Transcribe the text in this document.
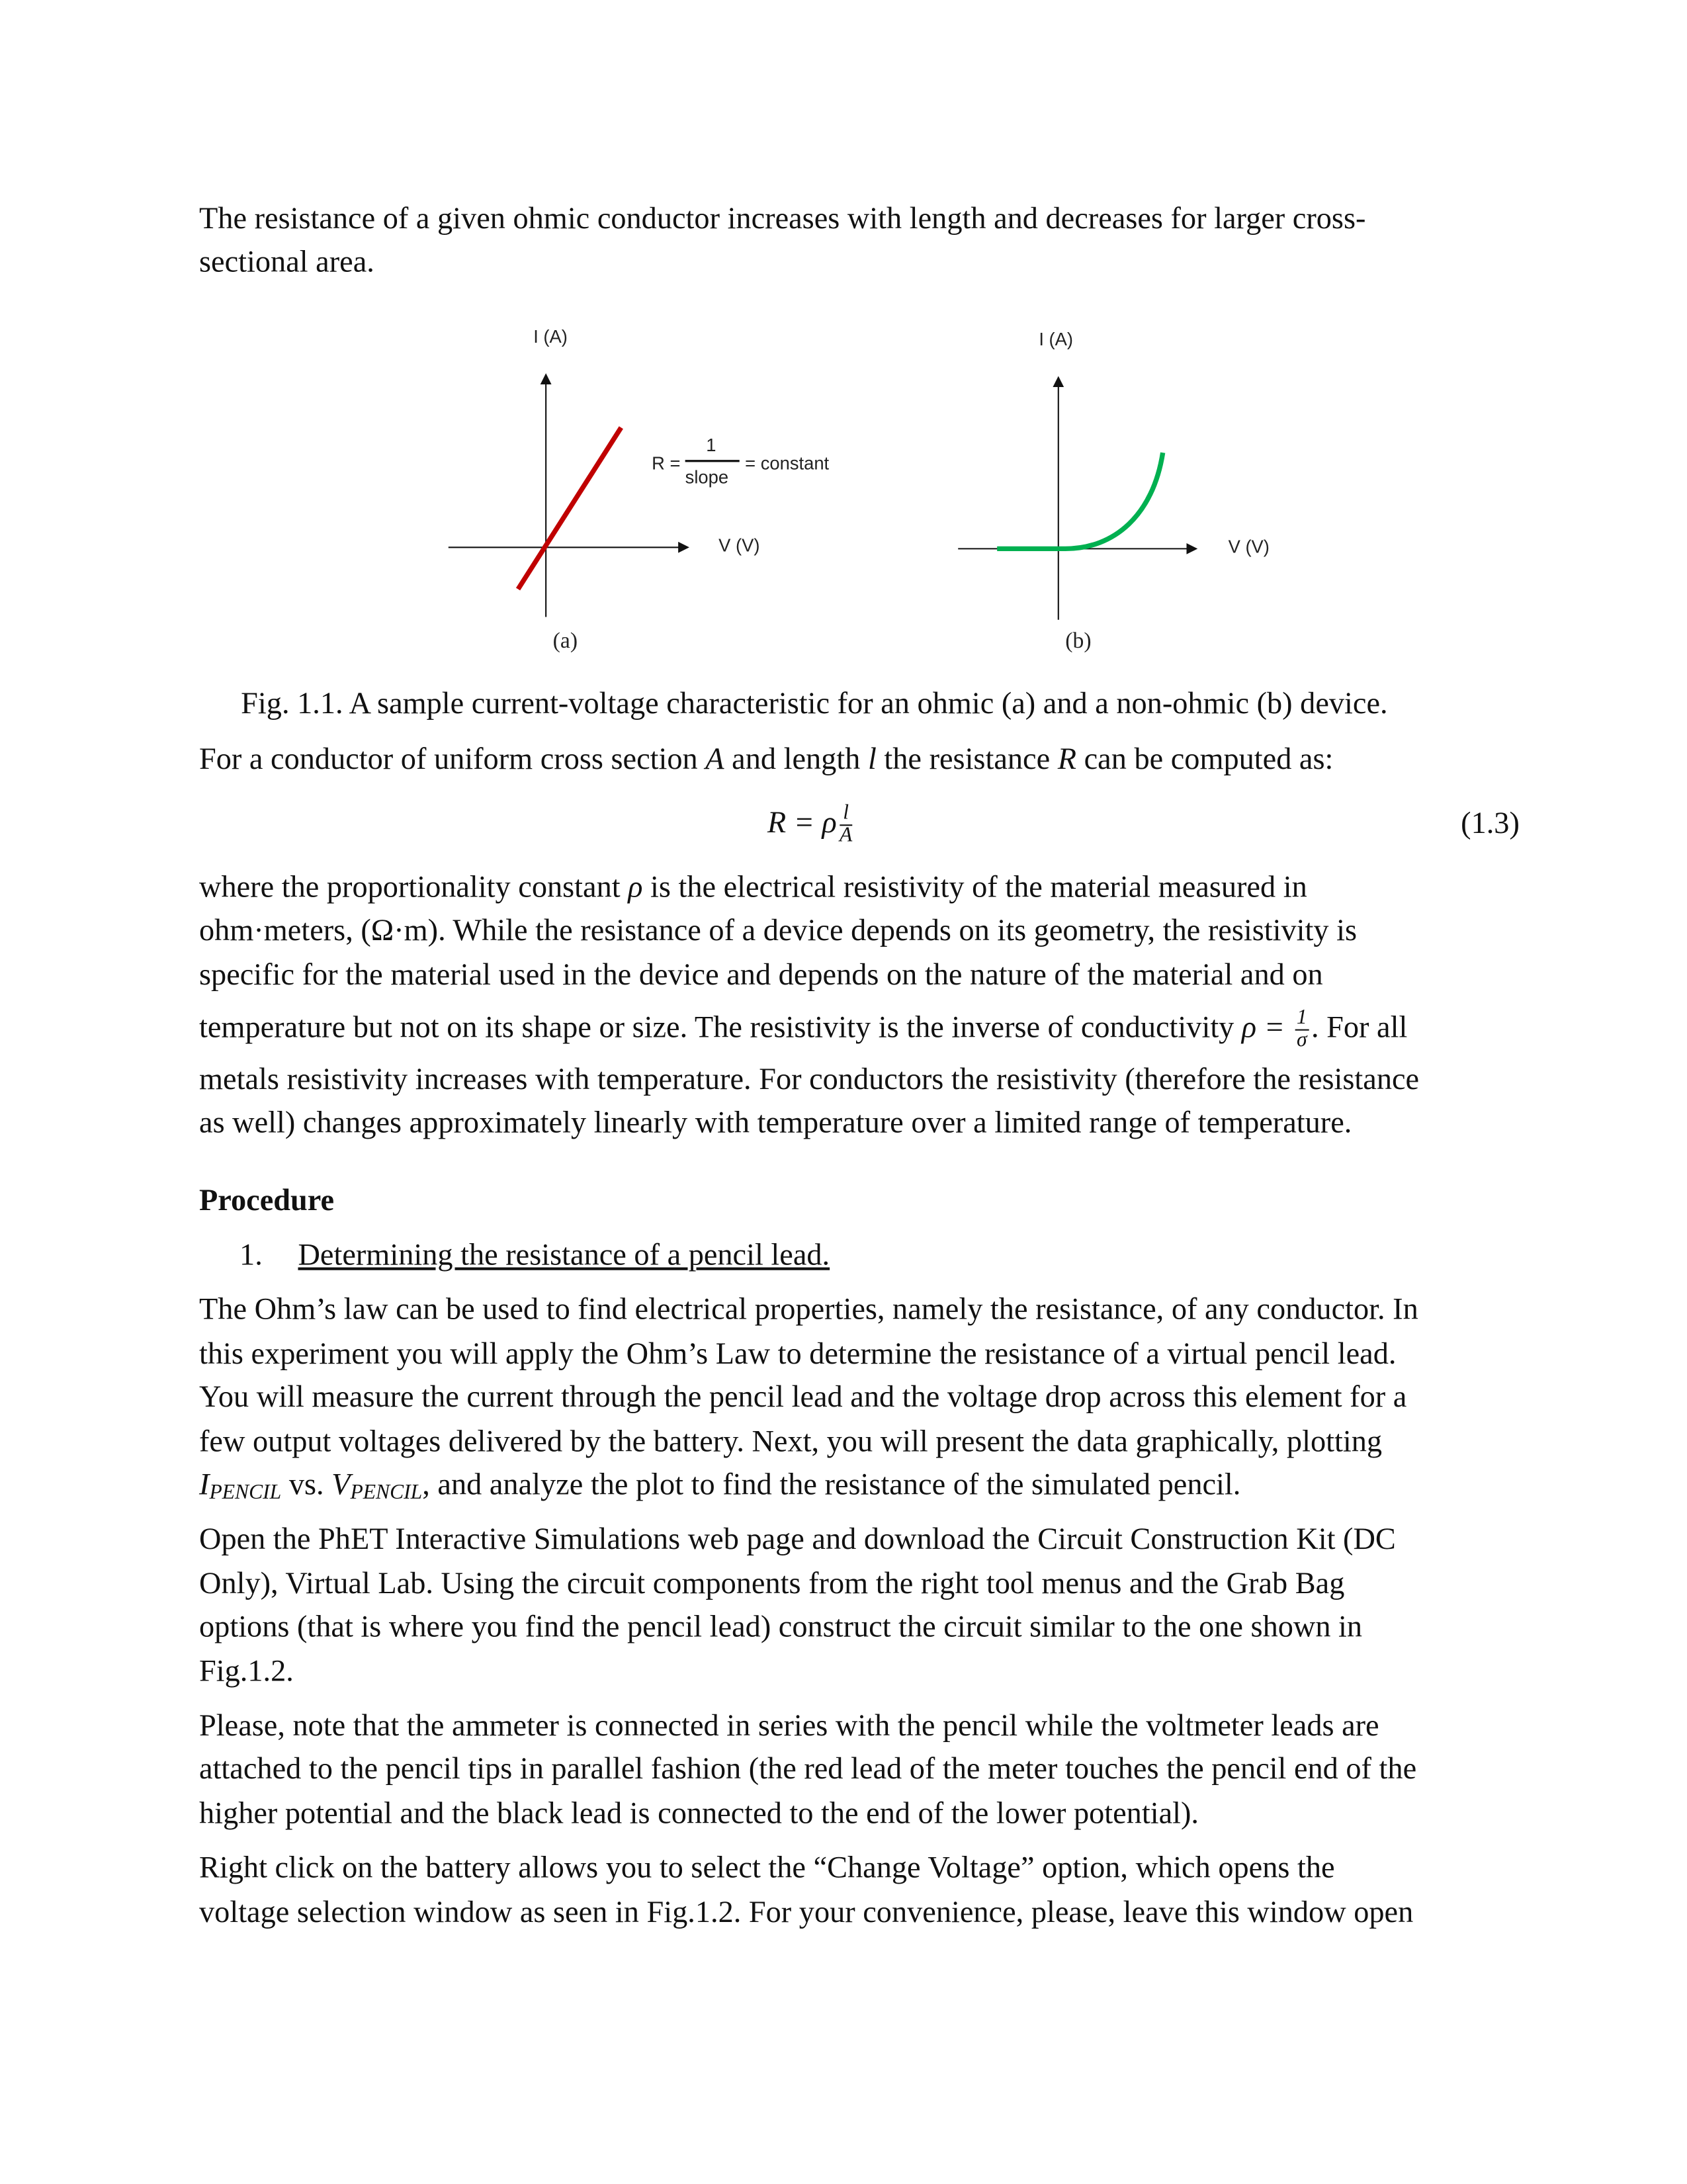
The resistance of a given ohmic conductor increases with length and decreases for larger cross-
sectional area.
I (A)
V (V)
R =
1
slope
= constant
(a)
I (A)
V (V)
(b)
Fig. 1.1. A sample current-voltage characteristic for an ohmic (a) and a non-ohmic (b) device.
For a conductor of uniform cross section A and length l the resistance R can be computed as:
R = ρ $\frac{l}{A}$	(1.3)
where the proportionality constant ρ is the electrical resistivity of the material measured in
ohm·meters, (Ω·m). While the resistance of a device depends on its geometry, the resistivity is
specific for the material used in the device and depends on the nature of the material and on
temperature but not on its shape or size. The resistivity is the inverse of conductivity $\rho = \frac{1}{\sigma}$ . For all
metals resistivity increases with temperature. For conductors the resistivity (therefore the resistance
as well) changes approximately linearly with temperature over a limited range of temperature.
Procedure
1. Determining the resistance of a pencil lead.
The Ohm’s law can be used to find electrical properties, namely the resistance, of any conductor. In
this experiment you will apply the Ohm’s Law to determine the resistance of a virtual pencil lead.
You will measure the current through the pencil lead and the voltage drop across this element for a
few output voltages delivered by the battery. Next, you will present the data graphically, plotting
$I_{PENCIL}$ vs. $V_{PENCIL}$, and analyze the plot to find the resistance of the simulated pencil.
Open the PhET Interactive Simulations web page and download the Circuit Construction Kit (DC
Only), Virtual Lab. Using the circuit components from the right tool menus and the Grab Bag
options (that is where you find the pencil lead) construct the circuit similar to the one shown in
Fig.1.2.
Please, note that the ammeter is connected in series with the pencil while the voltmeter leads are
attached to the pencil tips in parallel fashion (the red lead of the meter touches the pencil end of the
higher potential and the black lead is connected to the end of the lower potential).
Right click on the battery allows you to select the “Change Voltage” option, which opens the
voltage selection window as seen in Fig.1.2. For your convenience, please, leave this window open
